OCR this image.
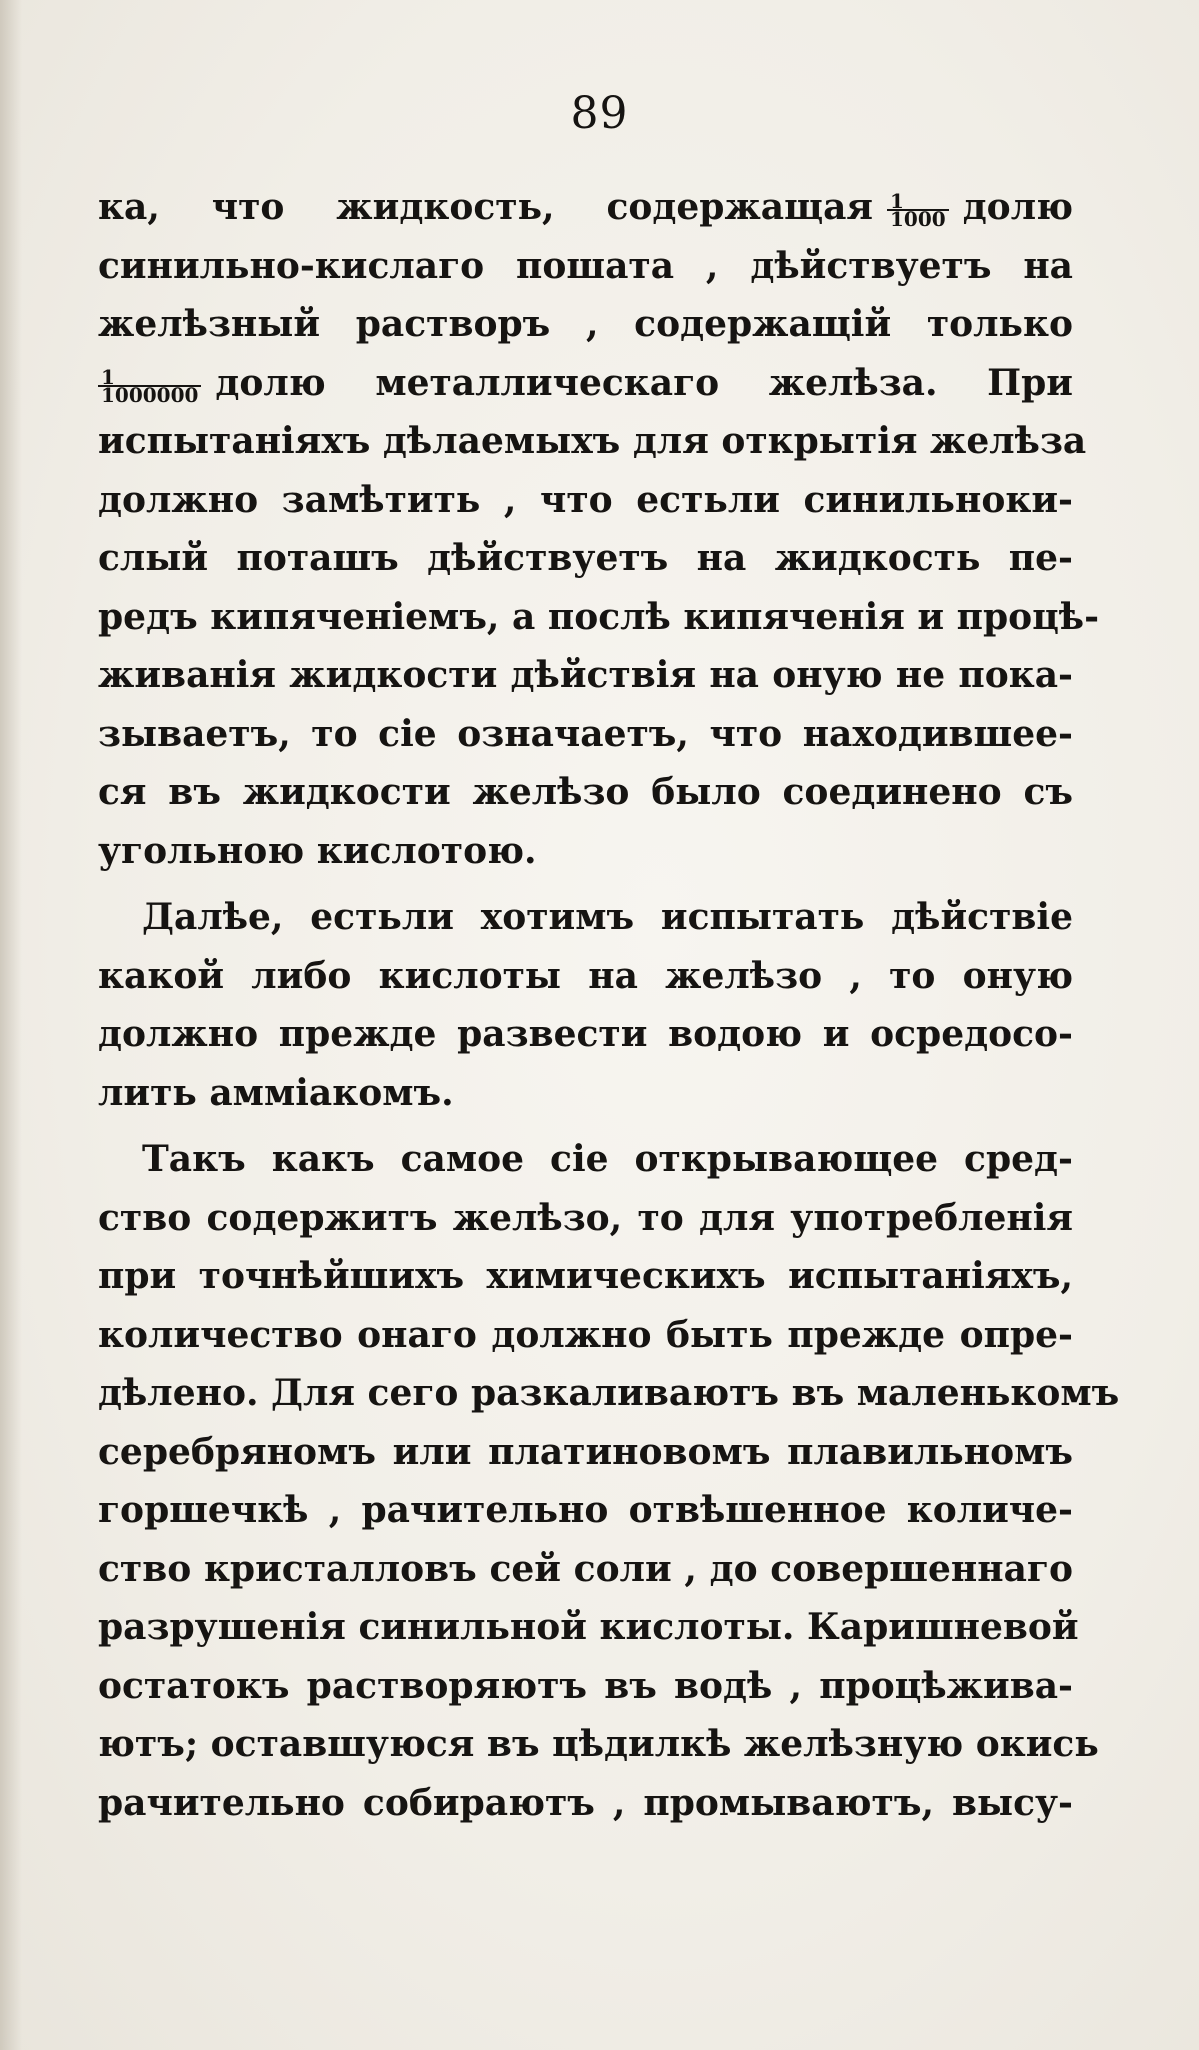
89
ка, что жидкость, содержащая $\frac{1}{1000}$ долю
синильно-кислаго пошата , дѣйствуетъ на
желѣзный растворъ , содержащій только
$\frac{1}{1000000}$ долю металлическаго желѣза. При
испытаніяхъ дѣлаемыхъ для открытія желѣза
должно замѣтить , что естьли синильноки-
слый поташъ дѣйствуетъ на жидкость пе-
редъ кипяченіемъ, а послѣ кипяченія и процѣ-
живанія жидкости дѣйствія на оную не пока-
зываетъ, то сіе означаетъ, что находившее-
ся въ жидкости желѣзо было соединено съ
угольною кислотою.
Далѣе, естьли хотимъ испытать дѣйствіе
какой либо кислоты на желѣзо , то оную
должно прежде развести водою и осредосо-
лить амміакомъ.
Такъ какъ самое сіе открывающее сред-
ство содержитъ желѣзо, то для употребленія
при точнѣйшихъ химическихъ испытаніяхъ,
количество онаго должно быть прежде опре-
дѣлено. Для сего разкаливаютъ въ маленькомъ
серебряномъ или платиновомъ плавильномъ
горшечкѣ , рачительно отвѣшенное количе-
ство кристалловъ сей соли , до совершеннаго
разрушенія синильной кислоты. Каришневой
остатокъ растворяютъ въ водѣ , процѣжива-
ютъ; оставшуюся въ цѣдилкѣ желѣзную окись
рачительно собираютъ , промываютъ, высу-
